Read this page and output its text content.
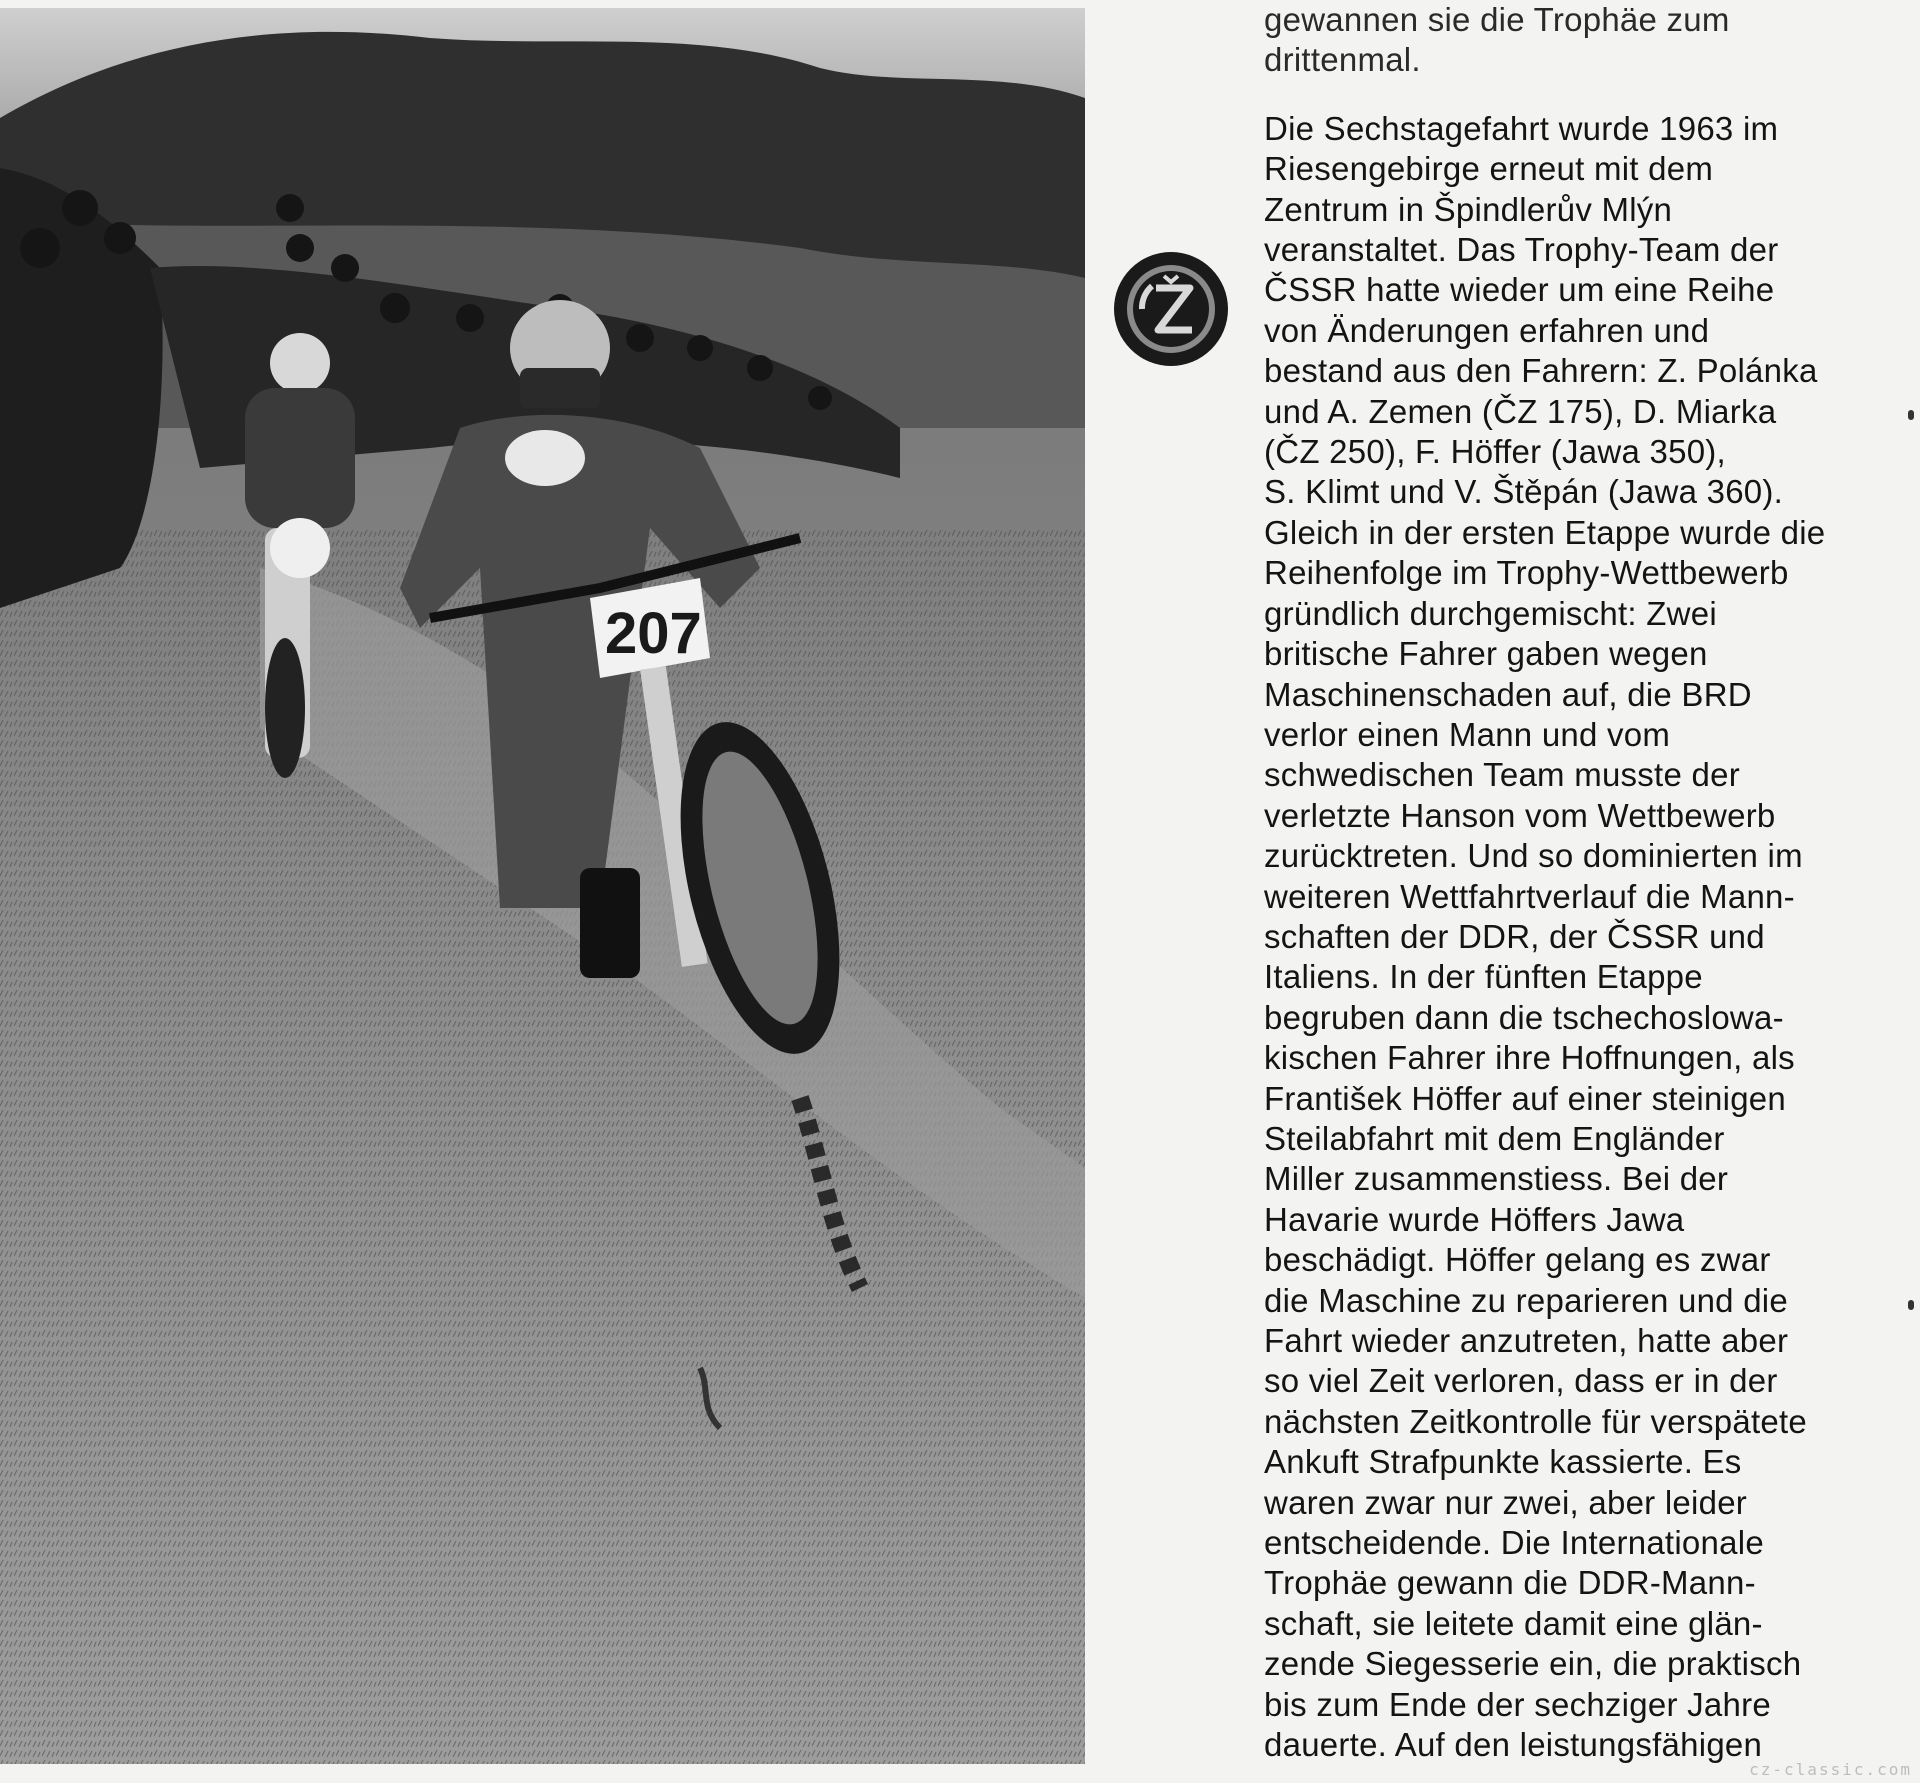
207
gewannen sie die Trophäe zum
drittenmal.
Die Sechstagefahrt wurde 1963 im
Riesengebirge erneut mit dem
Zentrum in Špindlerův Mlýn
veranstaltet. Das Trophy-Team der
ČSSR hatte wieder um eine Reihe
von Änderungen erfahren und
bestand aus den Fahrern: Z. Polánka
und A. Zemen (ČZ 175), D. Miarka
(ČZ 250), F. Höffer (Jawa 350),
S. Klimt und V. Štěpán (Jawa 360).
Gleich in der ersten Etappe wurde die
Reihenfolge im Trophy-Wettbewerb
gründlich durchgemischt: Zwei
britische Fahrer gaben wegen
Maschinenschaden auf, die BRD
verlor einen Mann und vom
schwedischen Team musste der
verletzte Hanson vom Wettbewerb
zurücktreten. Und so dominierten im
weiteren Wettfahrtverlauf die Mann-
schaften der DDR, der ČSSR und
Italiens. In der fünften Etappe
begruben dann die tschechoslowa-
kischen Fahrer ihre Hoffnungen, als
František Höffer auf einer steinigen
Steilabfahrt mit dem Engländer
Miller zusammenstiess. Bei der
Havarie wurde Höffers Jawa
beschädigt. Höffer gelang es zwar
die Maschine zu reparieren und die
Fahrt wieder anzutreten, hatte aber
so viel Zeit verloren, dass er in der
nächsten Zeitkontrolle für verspätete
Ankuft Strafpunkte kassierte. Es
waren zwar nur zwei, aber leider
entscheidende. Die Internationale
Trophäe gewann die DDR-Mann-
schaft, sie leitete damit eine glän-
zende Siegesserie ein, die praktisch
bis zum Ende der sechziger Jahre
dauerte. Auf den leistungsfähigen
cz-classic.com
